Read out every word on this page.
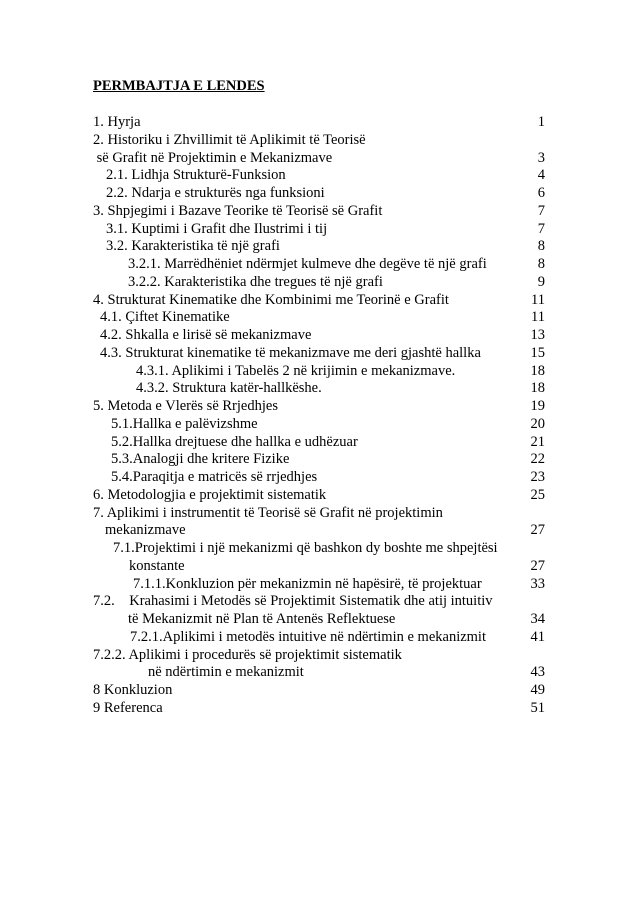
PERMBAJTJA E LENDES
1. Hyrja	1
2. Historiku i Zhvillimit të Aplikimit të Teorisë
së Grafit në Projektimin e Mekanizmave	3
2.1. Lidhja Strukturë-Funksion	4
2.2. Ndarja e strukturës nga funksioni	6
3. Shpjegimi i Bazave Teorike të Teorisë së Grafit	7
3.1. Kuptimi i Grafit dhe Ilustrimi i tij	7
3.2. Karakteristika të një grafi	8
3.2.1. Marrëdhëniet ndërmjet kulmeve dhe degëve të një grafi	8
3.2.2. Karakteristika dhe tregues të një grafi	9
4. Strukturat Kinematike dhe Kombinimi me Teorinë e Grafit	11
4.1. Çiftet Kinematike	11
4.2. Shkalla e lirisë së mekanizmave	13
4.3. Strukturat kinematike të mekanizmave me deri gjashtë hallka	15
4.3.1. Aplikimi i Tabelës 2 në krijimin e mekanizmave.	18
4.3.2. Struktura katër-hallkëshe.	18
5. Metoda e Vlerës së Rrjedhjes	19
5.1.Hallka e palëvizshme	20
5.2.Hallka drejtuese dhe hallka e udhëzuar	21
5.3.Analogji dhe kritere Fizike	22
5.4.Paraqitja e matricës së rrjedhjes	23
6. Metodologjia e projektimit sistematik	25
7. Aplikimi i instrumentit të Teorisë së Grafit në projektimin
mekanizmave	27
7.1.Projektimi i një mekanizmi që bashkon dy boshte me shpejtësi
konstante	27
7.1.1.Konkluzion për mekanizmin në hapësirë, të projektuar	33
7.2.    Krahasimi i Metodës së Projektimit Sistematik dhe atij intuitiv
të Mekanizmit në Plan të Antenës Reflektuese	34
7.2.1.Aplikimi i metodës intuitive në ndërtimin e mekanizmit	41
7.2.2. Aplikimi i procedurës së projektimit sistematik
në ndërtimin e mekanizmit	43
8 Konkluzion	49
9 Referenca	51
